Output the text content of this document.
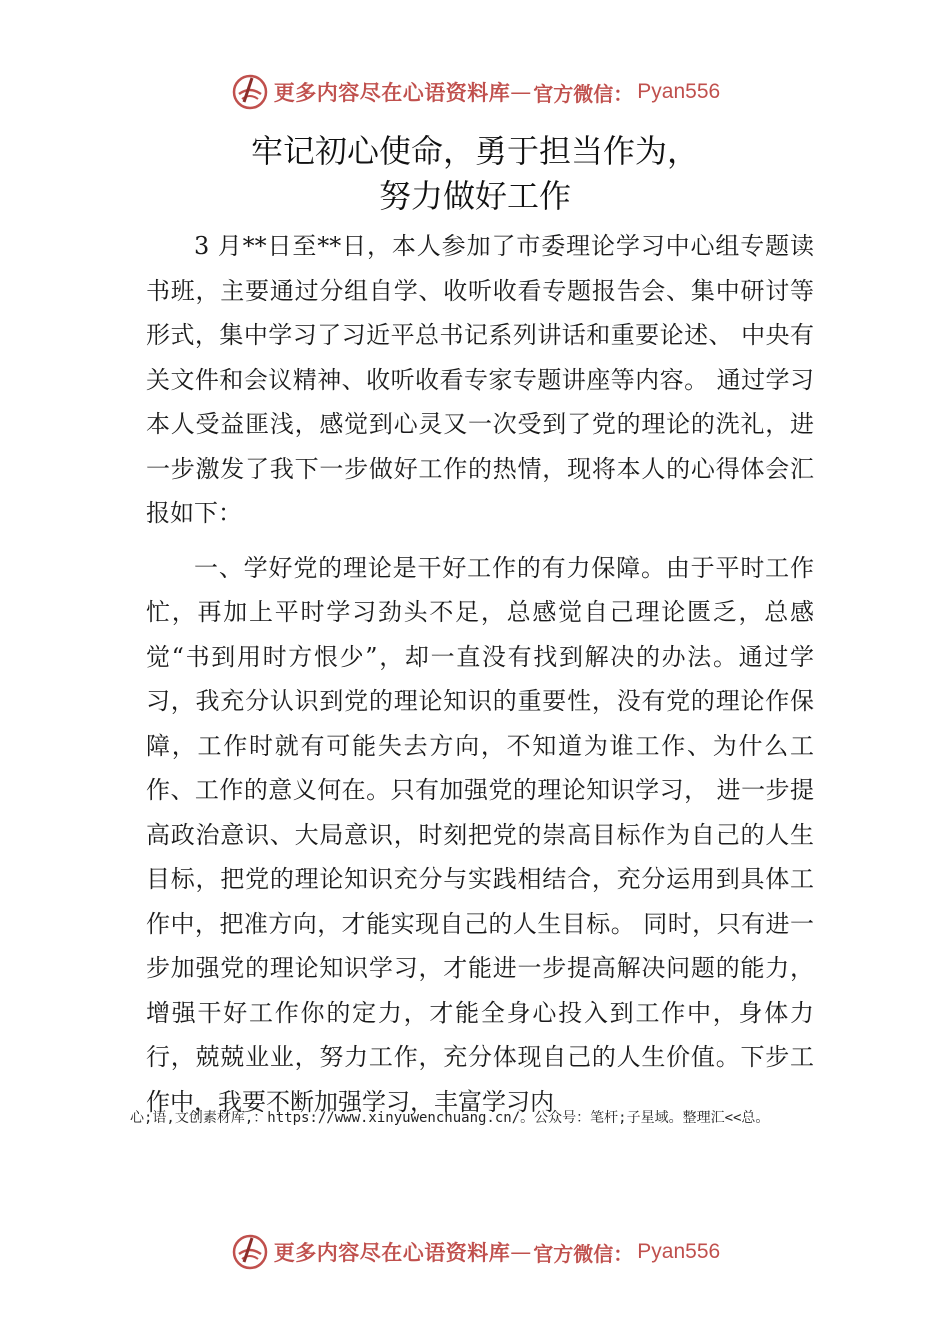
更多内容尽在心语资料库 — 官方微信： Pyan556
牢记初心使命，勇于担当作为，
努力做好工作

3 月**日至**日，本人参加了市委理论学习中心组专题读书班，主要通过分组自学、收听收看专题报告会、集中研讨等形式，集中学习了习近平总书记系列讲话和重要论述、 中央有关文件和会议精神、收听收看专家专题讲座等内容。 通过学习本人受益匪浅，感觉到心灵又一次受到了党的理论的洗礼，进一步激发了我下一步做好工作的热情，现将本人的心得体会汇报如下：

一、学好党的理论是干好工作的有力保障。由于平时工作忙，再加上平时学习劲头不足，总感觉自己理论匮乏，总感觉“书到用时方恨少”，却一直没有找到解决的办法。通过学习，我充分认识到党的理论知识的重要性，没有党的理论作保障，工作时就有可能失去方向，不知道为谁工作、为什么工作、工作的意义何在。只有加强党的理论知识学习， 进一步提高政治意识、大局意识，时刻把党的崇高目标作为自己的人生目标，把党的理论知识充分与实践相结合，充分运用到具体工作中，把准方向，才能实现自己的人生目标。 同时，只有进一步加强党的理论知识学习，才能进一步提高解决问题的能力，增强干好工作你的定力，才能全身心投入到工作中，身体力行，兢兢业业，努力工作，充分体现自己的人生价值。下步工作中，我要不断加强学习，丰富学习内

心;语,文创素材库,：https://www.xinyuwenchuang.cn/。公众号：笔杆;子星域。整理汇<<总。
更多内容尽在心语资料库 — 官方微信： Pyan556
